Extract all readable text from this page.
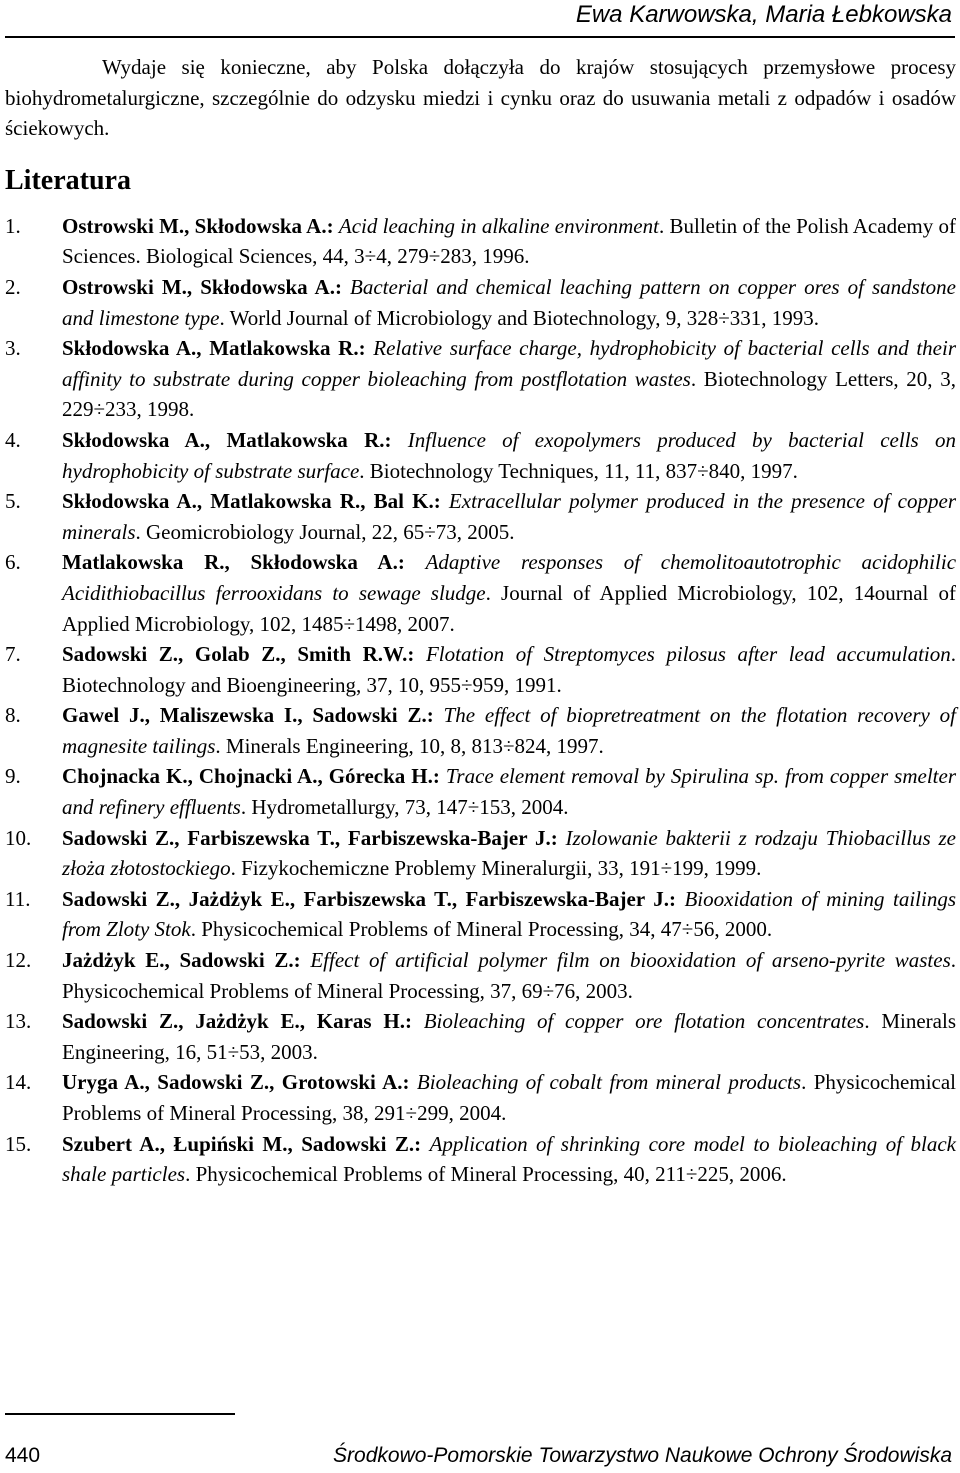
Ewa Karwowska, Maria Łebkowska

Wydaje się konieczne, aby Polska dołączyła do krajów stosujących przemysłowe procesy biohydrometalurgiczne, szczególnie do odzysku miedzi i cynku oraz do usuwania metali z odpadów i osadów ściekowych.

Literatura
1.	Ostrowski M., Skłodowska A.: Acid leaching in alkaline environment. Bulletin of the Polish Academy of Sciences. Biological Sciences, 44, 3÷4, 279÷283, 1996.
2.	Ostrowski M., Skłodowska A.: Bacterial and chemical leaching pattern on copper ores of sandstone and limestone type. World Journal of Microbiology and Biotechnology, 9, 328÷331, 1993.
3.	Skłodowska A., Matlakowska R.: Relative surface charge, hydrophobicity of bacterial cells and their affinity to substrate during copper bioleaching from postflotation wastes. Biotechnology Letters, 20, 3, 229÷233, 1998.
4.	Skłodowska A., Matlakowska R.: Influence of exopolymers produced by bacterial cells on hydrophobicity of substrate surface. Biotechnology Techniques, 11, 11, 837÷840, 1997.
5.	Skłodowska A., Matlakowska R., Bal K.: Extracellular polymer produced in the presence of copper minerals. Geomicrobiology Journal, 22, 65÷73, 2005.
6.	Matlakowska R., Skłodowska A.: Adaptive responses of chemolitoautotrophic acidophilic Acidithiobacillus ferrooxidans to sewage sludge. Journal of Applied Microbiology, 102, 14ournal of Applied Microbiology, 102, 1485÷1498, 2007.
7.	Sadowski Z., Golab Z., Smith R.W.: Flotation of Streptomyces pilosus after lead accumulation. Biotechnology and Bioengineering, 37, 10, 955÷959, 1991.
8.	Gawel J., Maliszewska I., Sadowski Z.: The effect of biopretreatment on the flotation recovery of magnesite tailings. Minerals Engineering, 10, 8, 813÷824, 1997.
9.	Chojnacka K., Chojnacki A., Górecka H.: Trace element removal by Spirulina sp. from copper smelter and refinery effluents. Hydrometallurgy, 73, 147÷153, 2004.
10.	Sadowski Z., Farbiszewska T., Farbiszewska-Bajer J.: Izolowanie bakterii z rodzaju Thiobacillus ze złoża złotostockiego. Fizykochemiczne Problemy Mineralurgii, 33, 191÷199, 1999.
11.	Sadowski Z., Jażdżyk E., Farbiszewska T., Farbiszewska-Bajer J.: Biooxidation of mining tailings from Zloty Stok. Physicochemical Problems of Mineral Processing, 34, 47÷56, 2000.
12.	Jażdżyk E., Sadowski Z.: Effect of artificial polymer film on biooxidation of arseno-pyrite wastes. Physicochemical Problems of Mineral Processing, 37, 69÷76, 2003.
13.	Sadowski Z., Jażdżyk E., Karas H.: Bioleaching of copper ore flotation concentrates. Minerals Engineering, 16, 51÷53, 2003.
14.	Uryga A., Sadowski Z., Grotowski A.: Bioleaching of cobalt from mineral products. Physicochemical Problems of Mineral Processing, 38, 291÷299, 2004.
15.	Szubert A., Łupiński M., Sadowski Z.: Application of shrinking core model to bioleaching of black shale particles. Physicochemical Problems of Mineral Processing, 40, 211÷225, 2006.
440	Środkowo-Pomorskie Towarzystwo Naukowe Ochrony Środowiska
